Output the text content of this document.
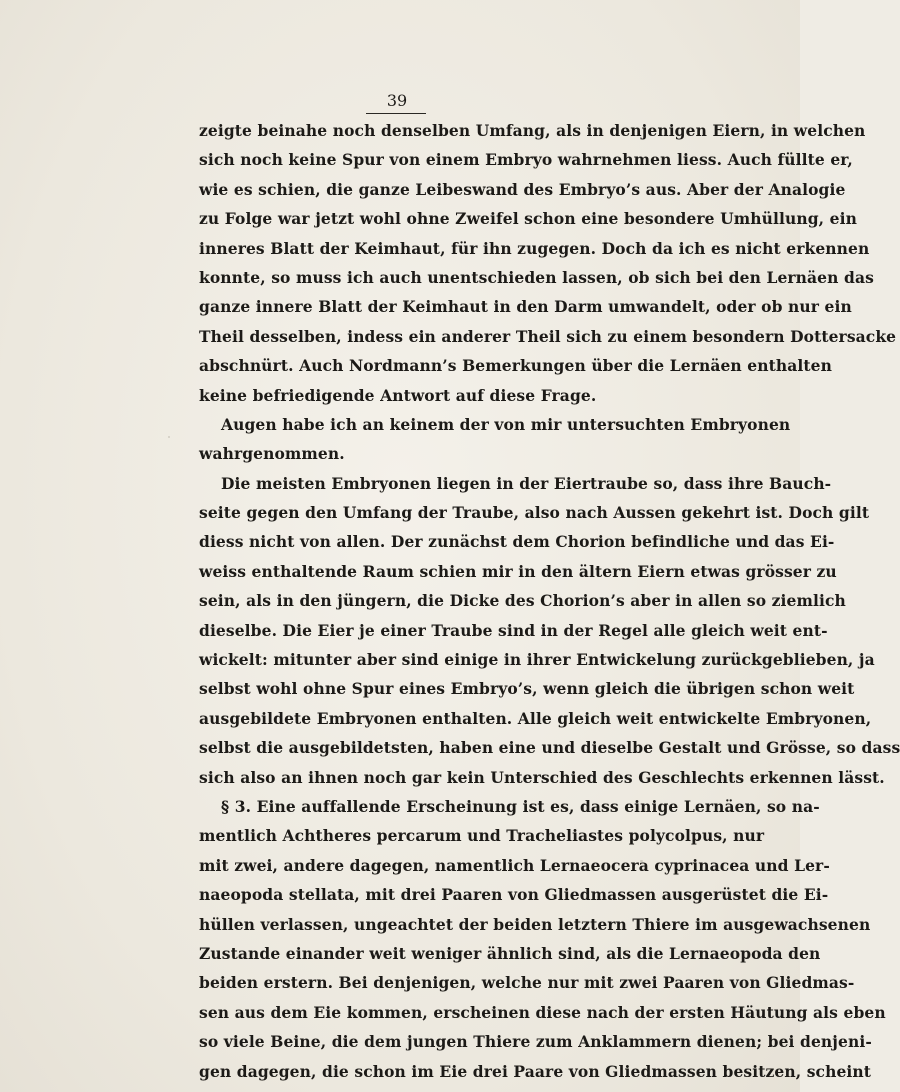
39
zeigte beinahe noch denselben Umfang, als in denjenigen Eiern, in welchen
sich noch keine Spur von einem Embryo wahrnehmen liess. Auch füllte er,
wie es schien, die ganze Leibeswand des Embryo’s aus. Aber der Analogie
zu Folge war jetzt wohl ohne Zweifel schon eine besondere Umhüllung, ein
inneres Blatt der Keimhaut, für ihn zugegen. Doch da ich es nicht erkennen
konnte, so muss ich auch unentschieden lassen, ob sich bei den Lernäen das
ganze innere Blatt der Keimhaut in den Darm umwandelt, oder ob nur ein
Theil desselben, indess ein anderer Theil sich zu einem besondern Dottersacke
abschnürt. Auch Nordmann’s Bemerkungen über die Lernäen enthalten
keine befriedigende Antwort auf diese Frage.
Augen habe ich an keinem der von mir untersuchten Embryonen
wahrgenommen.
Die meisten Embryonen liegen in der Eiertraube so, dass ihre Bauch-
seite gegen den Umfang der Traube, also nach Aussen gekehrt ist. Doch gilt
diess nicht von allen. Der zunächst dem Chorion befindliche und das Ei-
weiss enthaltende Raum schien mir in den ältern Eiern etwas grösser zu
sein, als in den jüngern, die Dicke des Chorion’s aber in allen so ziemlich
dieselbe. Die Eier je einer Traube sind in der Regel alle gleich weit ent-
wickelt: mitunter aber sind einige in ihrer Entwickelung zurückgeblieben, ja
selbst wohl ohne Spur eines Embryo’s, wenn gleich die übrigen schon weit
ausgebildete Embryonen enthalten. Alle gleich weit entwickelte Embryonen,
selbst die ausgebildetsten, haben eine und dieselbe Gestalt und Grösse, so dass
sich also an ihnen noch gar kein Unterschied des Geschlechts erkennen lässt.
§ 3. Eine auffallende Erscheinung ist es, dass einige Lernäen, so na-
mentlich Achtheres percarum und Tracheliastes polycolpus, nur
mit zwei, andere dagegen, namentlich Lernaeocera cyprinacea und Ler-
naeopoda stellata, mit drei Paaren von Gliedmassen ausgerüstet die Ei-
hüllen verlassen, ungeachtet der beiden letztern Thiere im ausgewachsenen
Zustande einander weit weniger ähnlich sind, als die Lernaeopoda den
beiden erstern. Bei denjenigen, welche nur mit zwei Paaren von Gliedmas-
sen aus dem Eie kommen, erscheinen diese nach der ersten Häutung als eben
so viele Beine, die dem jungen Thiere zum Anklammern dienen; bei denjeni-
gen dagegen, die schon im Eie drei Paare von Gliedmassen besitzen, scheint
